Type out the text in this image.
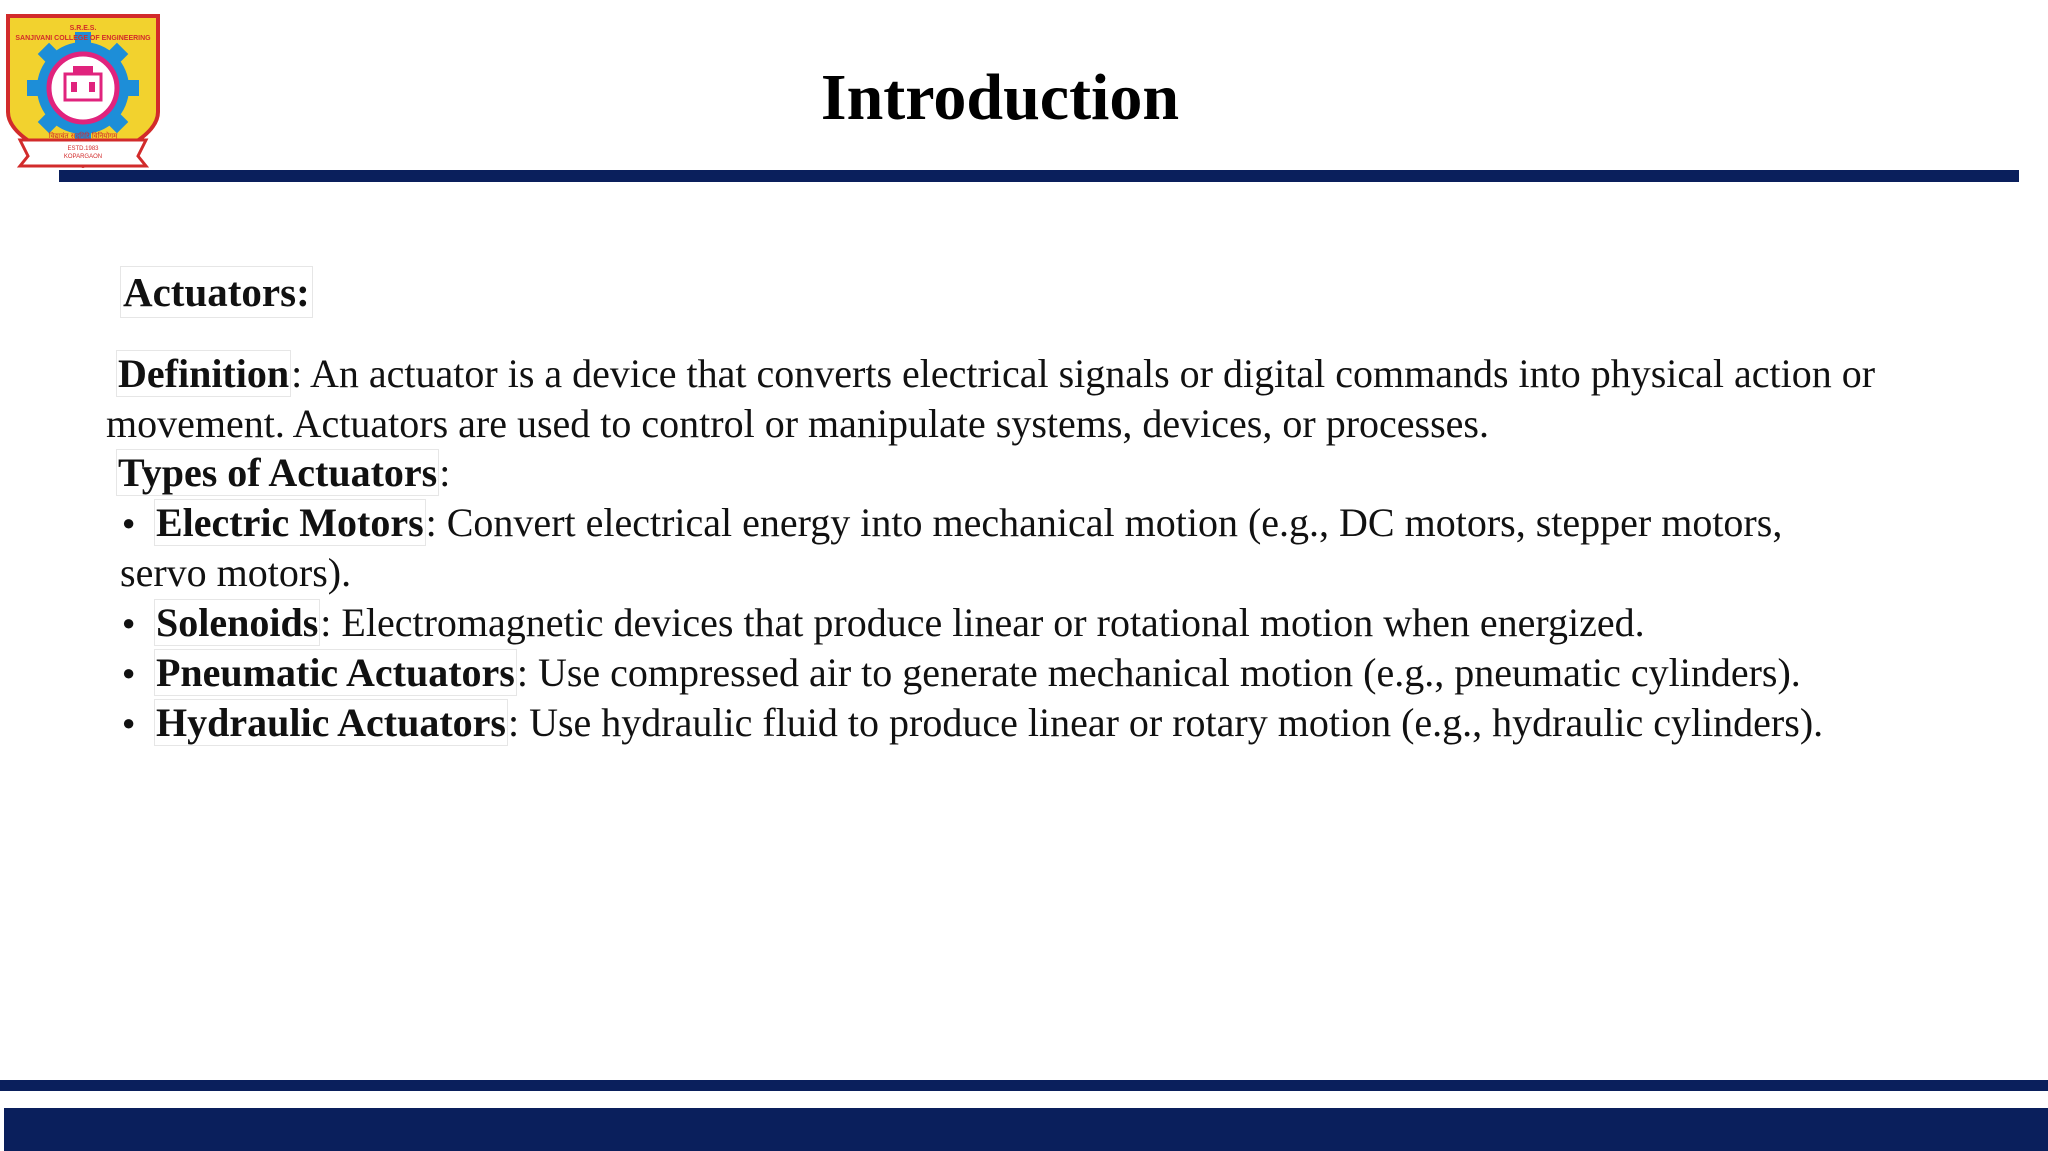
S.R.E.S.
SANJIVANI COLLEGE OF ENGINEERING
विद्यावंत सदगिरि विनियोगम्
ESTD.1983
KOPARGAON
Introduction
Actuators:

Definition: An actuator is a device that converts electrical signals or digital commands into physical action or movement. Actuators are used to control or manipulate systems, devices, or processes.

Types of Actuators:

● Electric Motors: Convert electrical energy into mechanical motion (e.g., DC motors, stepper motors,
servo motors).
● Solenoids: Electromagnetic devices that produce linear or rotational motion when energized.
● Pneumatic Actuators: Use compressed air to generate mechanical motion (e.g., pneumatic cylinders).
● Hydraulic Actuators: Use hydraulic fluid to produce linear or rotary motion (e.g., hydraulic cylinders).
